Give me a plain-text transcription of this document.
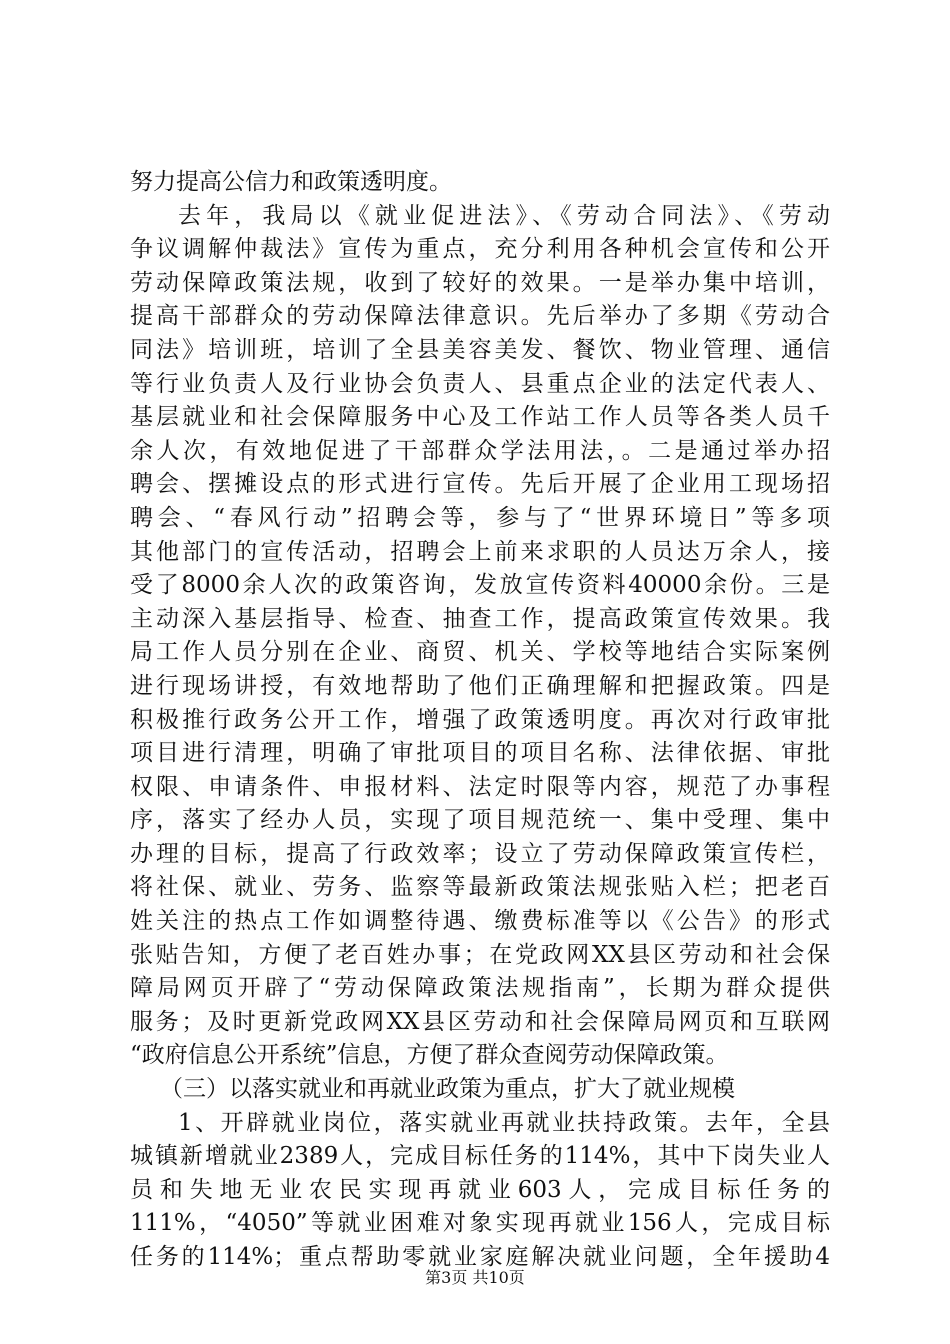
努力提高公信力和政策透明度。
去年，我局以《就业促进法》、《劳动合同法》、《劳动
争议调解仲裁法》宣传为重点，充分利用各种机会宣传和公开
劳动保障政策法规，收到了较好的效果。一是举办集中培训，
提高干部群众的劳动保障法律意识。先后举办了多期《劳动合
同法》培训班，培训了全县美容美发、餐饮、物业管理、通信
等行业负责人及行业协会负责人、县重点企业的法定代表人、
基层就业和社会保障服务中心及工作站工作人员等各类人员千
余人次，有效地促进了干部群众学法用法，。二是通过举办招
聘会、摆摊设点的形式进行宣传。先后开展了企业用工现场招
聘会、“春风行动”招聘会等，参与了“世界环境日”等多项
其他部门的宣传活动，招聘会上前来求职的人员达万余人，接
受了8000余人次的政策咨询，发放宣传资料40000余份。三是
主动深入基层指导、检查、抽查工作，提高政策宣传效果。我
局工作人员分别在企业、商贸、机关、学校等地结合实际案例
进行现场讲授，有效地帮助了他们正确理解和把握政策。四是
积极推行政务公开工作，增强了政策透明度。再次对行政审批
项目进行清理，明确了审批项目的项目名称、法律依据、审批
权限、申请条件、申报材料、法定时限等内容，规范了办事程
序，落实了经办人员，实现了项目规范统一、集中受理、集中
办理的目标，提高了行政效率；设立了劳动保障政策宣传栏，
将社保、就业、劳务、监察等最新政策法规张贴入栏；把老百
姓关注的热点工作如调整待遇、缴费标准等以《公告》的形式
张贴告知，方便了老百姓办事；在党政网XX县区劳动和社会保
障局网页开辟了“劳动保障政策法规指南”，长期为群众提供
服务；及时更新党政网XX县区劳动和社会保障局网页和互联网
“政府信息公开系统”信息，方便了群众查阅劳动保障政策。
（三）以落实就业和再就业政策为重点，扩大了就业规模
1、开辟就业岗位，落实就业再就业扶持政策。去年，全县
城镇新增就业2389人，完成目标任务的114%，其中下岗失业人
员和失地无业农民实现再就业603人，完成目标任务的
111%，“4050”等就业困难对象实现再就业156人，完成目标
任务的114%；重点帮助零就业家庭解决就业问题，全年援助4
第3页 共10页
